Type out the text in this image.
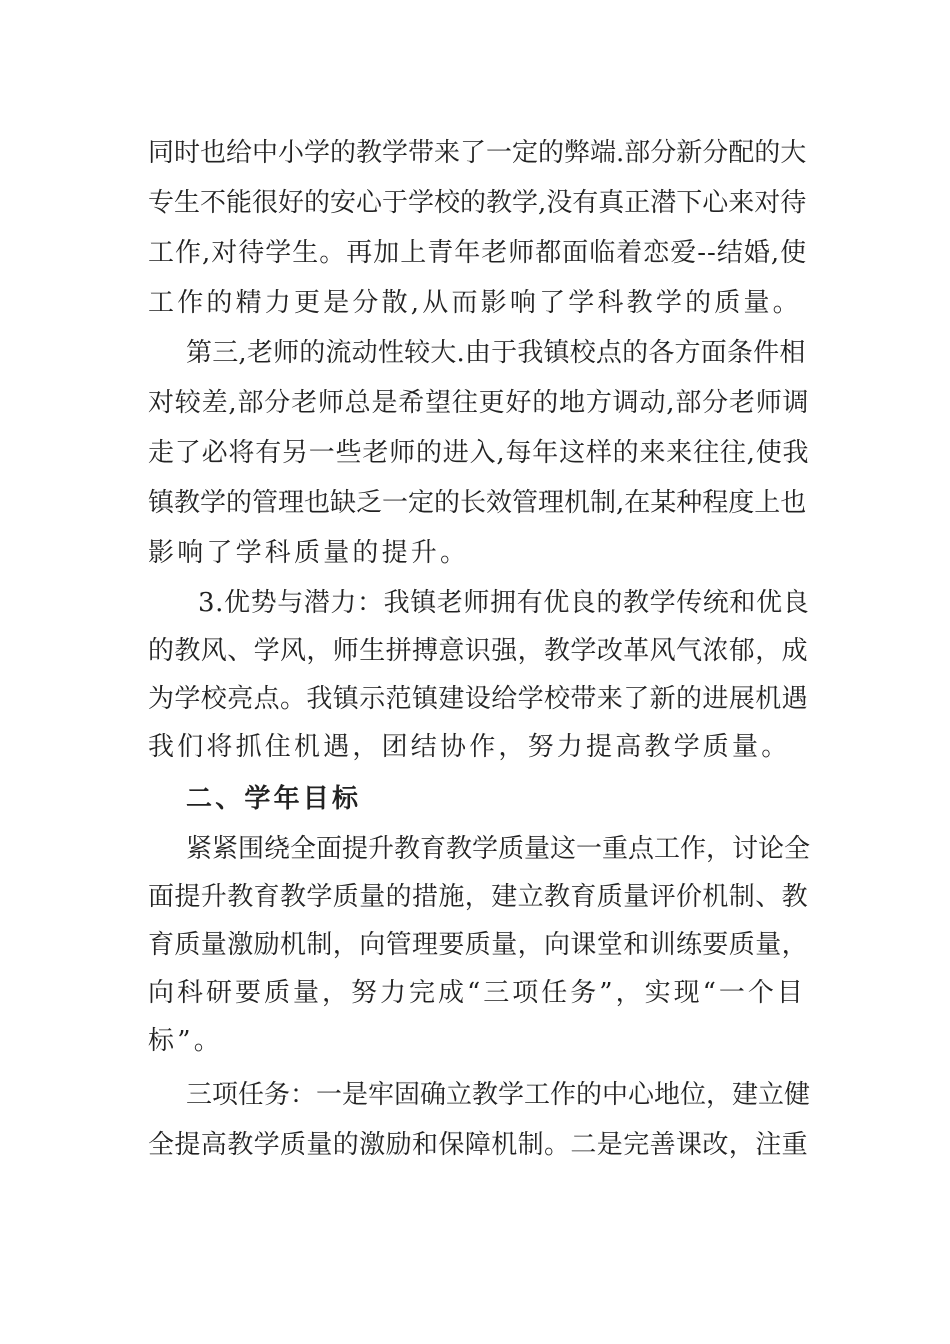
同时也给中小学的教学带来了一定的弊端.部分新分配的大
专生不能很好的安心于学校的教学,没有真正潜下心来对待
工作,对待学生。再加上青年老师都面临着恋爱--结婚,使
工作的精力更是分散,从而影响了学科教学的质量。
第三,老师的流动性较大.由于我镇校点的各方面条件相
对较差,部分老师总是希望往更好的地方调动,部分老师调
走了必将有另一些老师的进入,每年这样的来来往往,使我
镇教学的管理也缺乏一定的长效管理机制,在某种程度上也
影响了学科质量的提升。
3.优势与潜力：我镇老师拥有优良的教学传统和优良
的教风、学风，师生拼搏意识强，教学改革风气浓郁，成
为学校亮点。我镇示范镇建设给学校带来了新的进展机遇
我们将抓住机遇，团结协作，努力提高教学质量。
二、学年目标
紧紧围绕全面提升教育教学质量这一重点工作，讨论全
面提升教育教学质量的措施，建立教育质量评价机制、教
育质量激励机制，向管理要质量，向课堂和训练要质量，
向科研要质量，努力完成“三项任务”，实现“一个目
标”。
三项任务：一是牢固确立教学工作的中心地位，建立健
全提高教学质量的激励和保障机制。二是完善课改，注重
